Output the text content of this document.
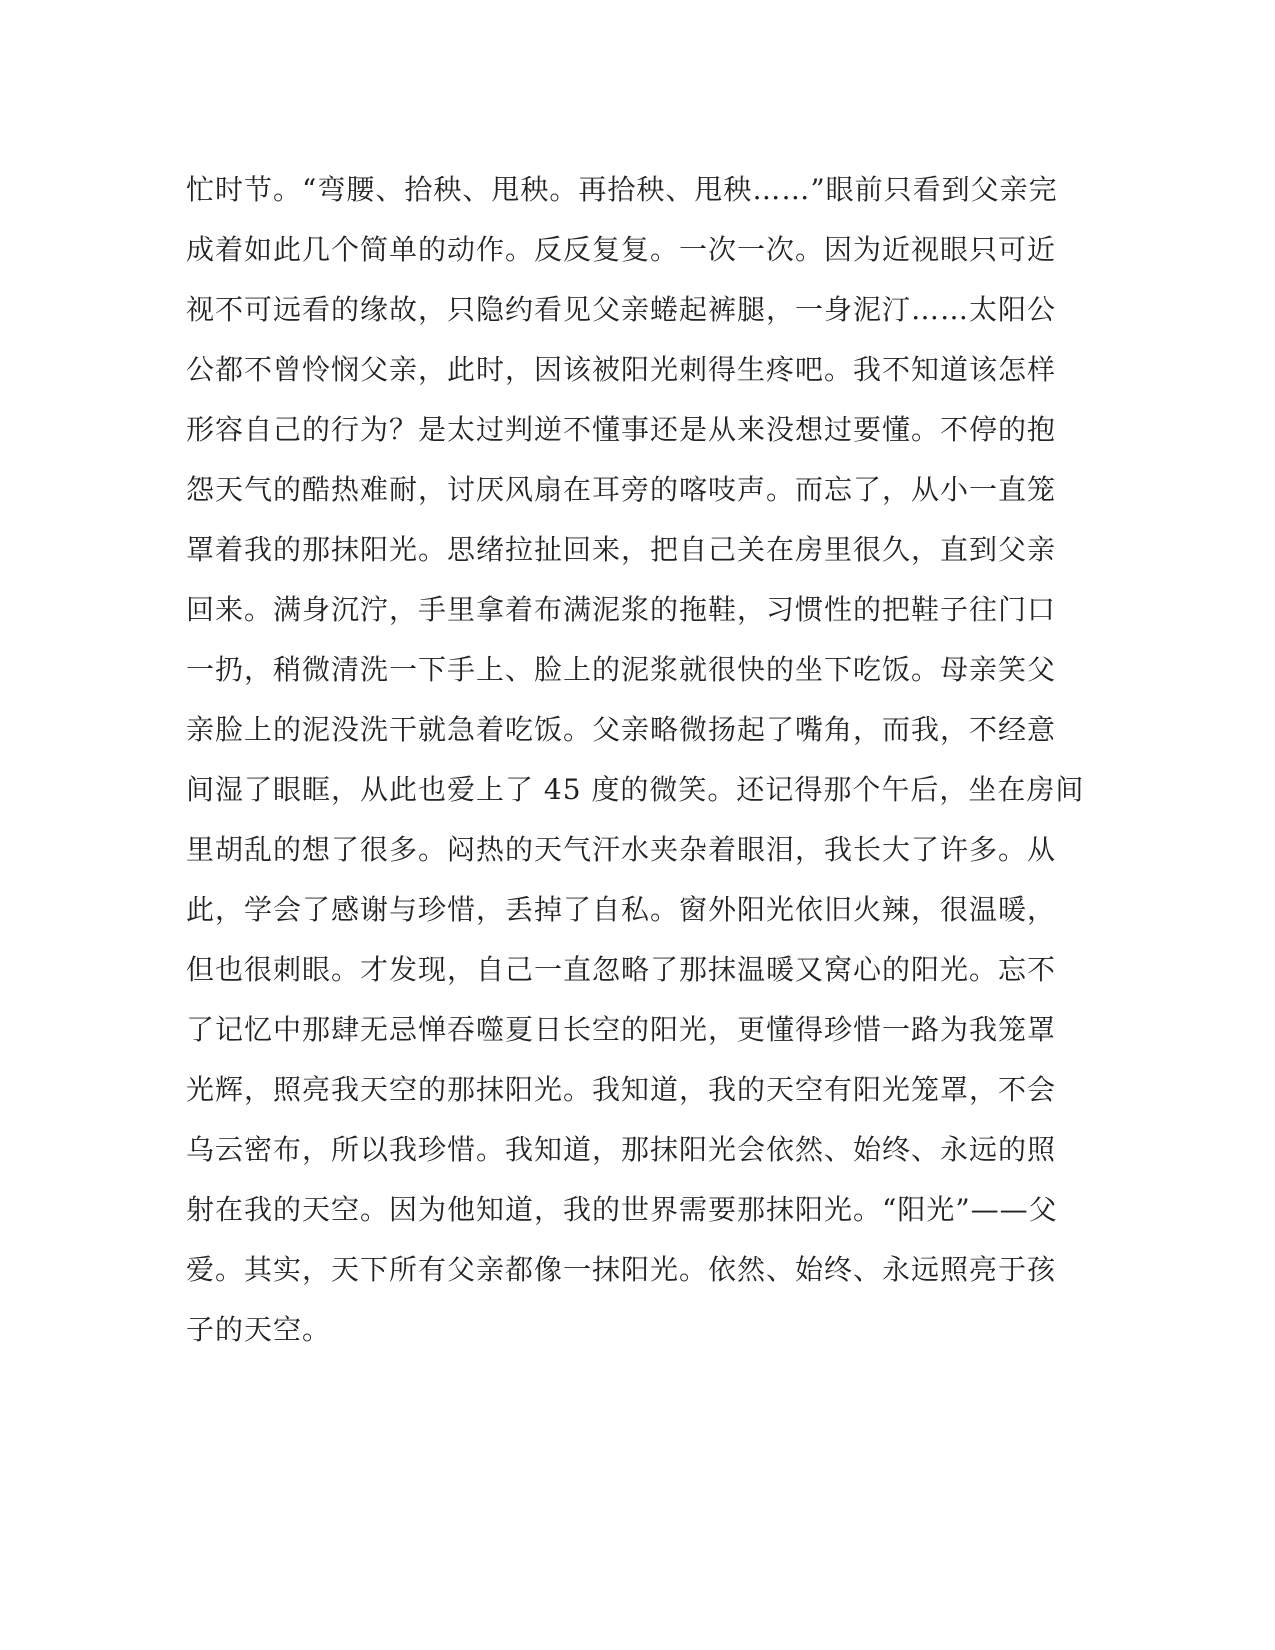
忙时节。“弯腰、拾秧、甩秧。再拾秧、甩秧……”眼前只看到父亲完
成着如此几个简单的动作。反反复复。一次一次。因为近视眼只可近
视不可远看的缘故，只隐约看见父亲蜷起裤腿，一身泥汀……太阳公
公都不曾怜悯父亲，此时，因该被阳光刺得生疼吧。我不知道该怎样
形容自己的行为？是太过判逆不懂事还是从来没想过要懂。不停的抱
怨天气的酷热难耐，讨厌风扇在耳旁的喀吱声。而忘了，从小一直笼
罩着我的那抹阳光。思绪拉扯回来，把自己关在房里很久，直到父亲
回来。满身沉泞，手里拿着布满泥浆的拖鞋，习惯性的把鞋子往门口
一扔，稍微清洗一下手上、脸上的泥浆就很快的坐下吃饭。母亲笑父
亲脸上的泥没洗干就急着吃饭。父亲略微扬起了嘴角，而我，不经意
间湿了眼眶，从此也爱上了 45 度的微笑。还记得那个午后，坐在房间
里胡乱的想了很多。闷热的天气汗水夹杂着眼泪，我长大了许多。从
此，学会了感谢与珍惜，丢掉了自私。窗外阳光依旧火辣，很温暖，
但也很刺眼。才发现，自己一直忽略了那抹温暖又窝心的阳光。忘不
了记忆中那肆无忌惮吞噬夏日长空的阳光，更懂得珍惜一路为我笼罩
光辉，照亮我天空的那抹阳光。我知道，我的天空有阳光笼罩，不会
乌云密布，所以我珍惜。我知道，那抹阳光会依然、始终、永远的照
射在我的天空。因为他知道，我的世界需要那抹阳光。“阳光”——父
爱。其实，天下所有父亲都像一抹阳光。依然、始终、永远照亮于孩
子的天空。
